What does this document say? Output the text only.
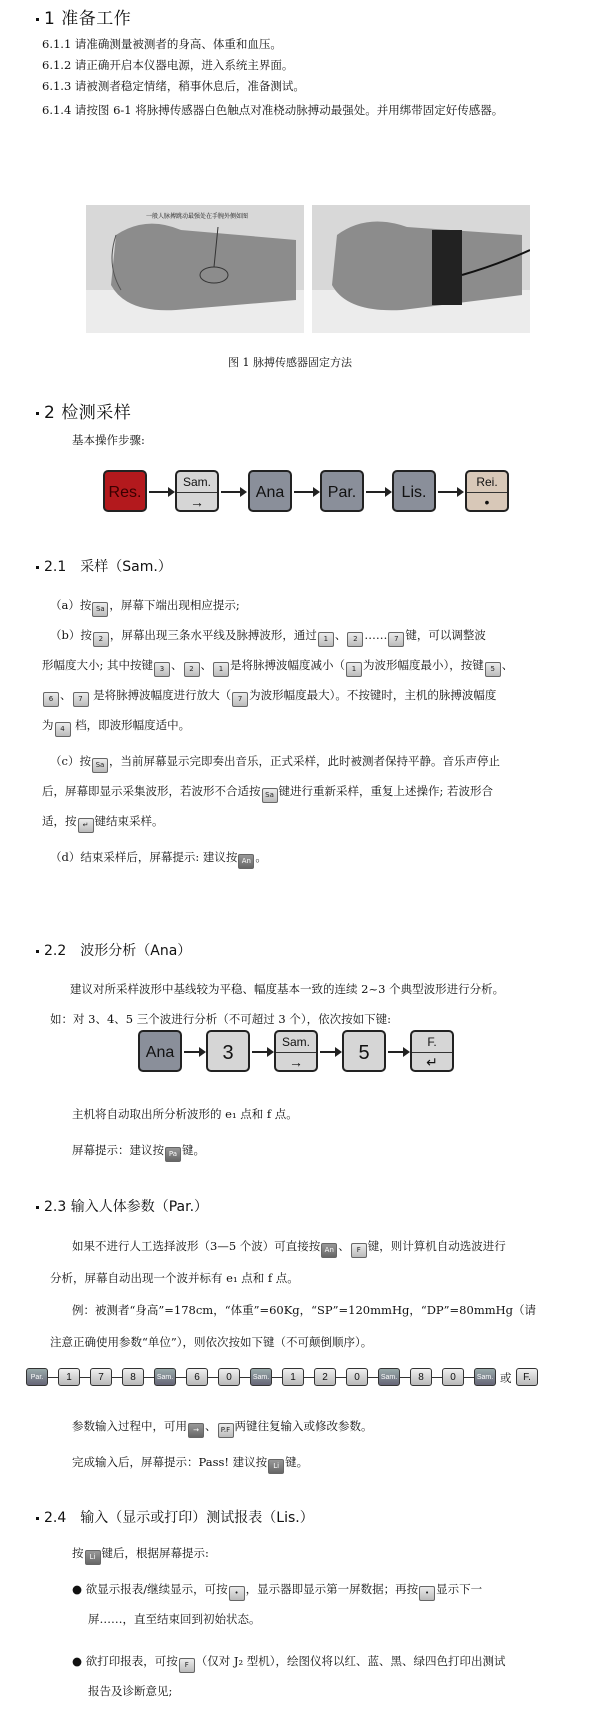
1 准备工作
6.1.1 请准确测量被测者的身高、体重和血压。
6.1.2 请正确开启本仪器电源，进入系统主界面。
6.1.3 请被测者稳定情绪，稍事休息后，准备测试。
6.1.4 请按图 6-1 将脉搏传感器白色触点对准桡动脉搏动最强处。并用绑带固定好传感器。
一般人脉搏跳动最强处在手腕外侧如图
图 1 脉搏传感器固定方法
2 检测采样
基本操作步骤:
Res.
Sam.
→
Ana	Par.	Lis.
Rei.
•
2.1　采样（Sam.）
（a）按 Sa ，屏幕下端出现相应提示;
（b）按 2 ，屏幕出现三条水平线及脉搏波形，通过 1 、 2 …… 7 键，可以调整波
形幅度大小; 其中按键 3 、 2 、 1 是将脉搏波幅度减小（ 1 为波形幅度最小），按键 5 、
6 、 7 是将脉搏波幅度进行放大（ 7 为波形幅度最大）。不按键时，主机的脉搏波幅度
为 4 档，即波形幅度适中。
（c）按 Sa ，当前屏幕显示完即奏出音乐，正式采样，此时被测者保持平静。音乐声停止
后，屏幕即显示采集波形，若波形不合适按 Sa 键进行重新采样，重复上述操作; 若波形合
适，按 ↵ 键结束采样。
（d）结束采样后，屏幕提示: 建议按 An 。
2.2　波形分析（Ana）
建议对所采样波形中基线较为平稳、幅度基本一致的连续 2~3 个典型波形进行分析。
如：对 3、4、5 三个波进行分析（不可超过 3 个），依次按如下键:
Ana	3	Sam.
→	5	F.
↵
主机将自动取出所分析波形的 e₁ 点和 f 点。
屏幕提示：建议按 Pa 键。
2.3 输入人体参数（Par.）
如果不进行人工选择波形（3—5 个波）可直接按 An 、 F 键，则计算机自动选波进行
分析，屏幕自动出现一个波并标有 e₁ 点和 f 点。
例：被测者“身高”=178cm，“体重”=60Kg，“SP”=120mmHg，“DP”=80mmHg（请
注意正确使用参数“单位”），则依次按如下键（不可颠倒顺序）。
Par.	1	7	8	Sam.	6	0	Sam.	1	2	0	Sam.	8	0	Sam. 或	F.
参数输入过程中，可用 → 、 P.F 两键往复输入或修改参数。
完成输入后，屏幕提示：Pass! 建议按 Li 键。
2.4　输入（显示或打印）测试报表（Lis.）
按 Li 键后，根据屏幕提示:
● 欲显示报表/继续显示，可按 • ，显示器即显示第一屏数据；再按 • 显示下一
屏……，直至结束回到初始状态。
● 欲打印报表，可按 F （仅对 J₂ 型机），绘图仪将以红、蓝、黑、绿四色打印出测试
报告及诊断意见;
